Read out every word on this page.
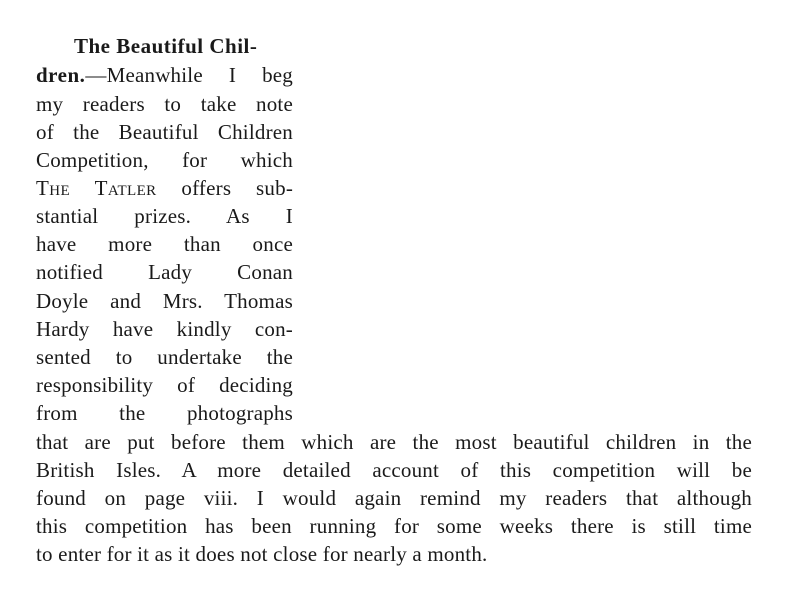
The Beautiful Chil-
dren.—Meanwhile I beg
my readers to take note
of the Beautiful Children
Competition, for which
The Tatler offers sub-
stantial prizes. As I
have more than once
notified Lady Conan
Doyle and Mrs. Thomas
Hardy have kindly con-
sented to undertake the
responsibility of deciding
from the photographs
that are put before them which are the most beautiful children in the
British Isles. A more detailed account of this competition will be
found on page viii. I would again remind my readers that although
this competition has been running for some weeks there is still time
to enter for it as it does not close for nearly a month.
